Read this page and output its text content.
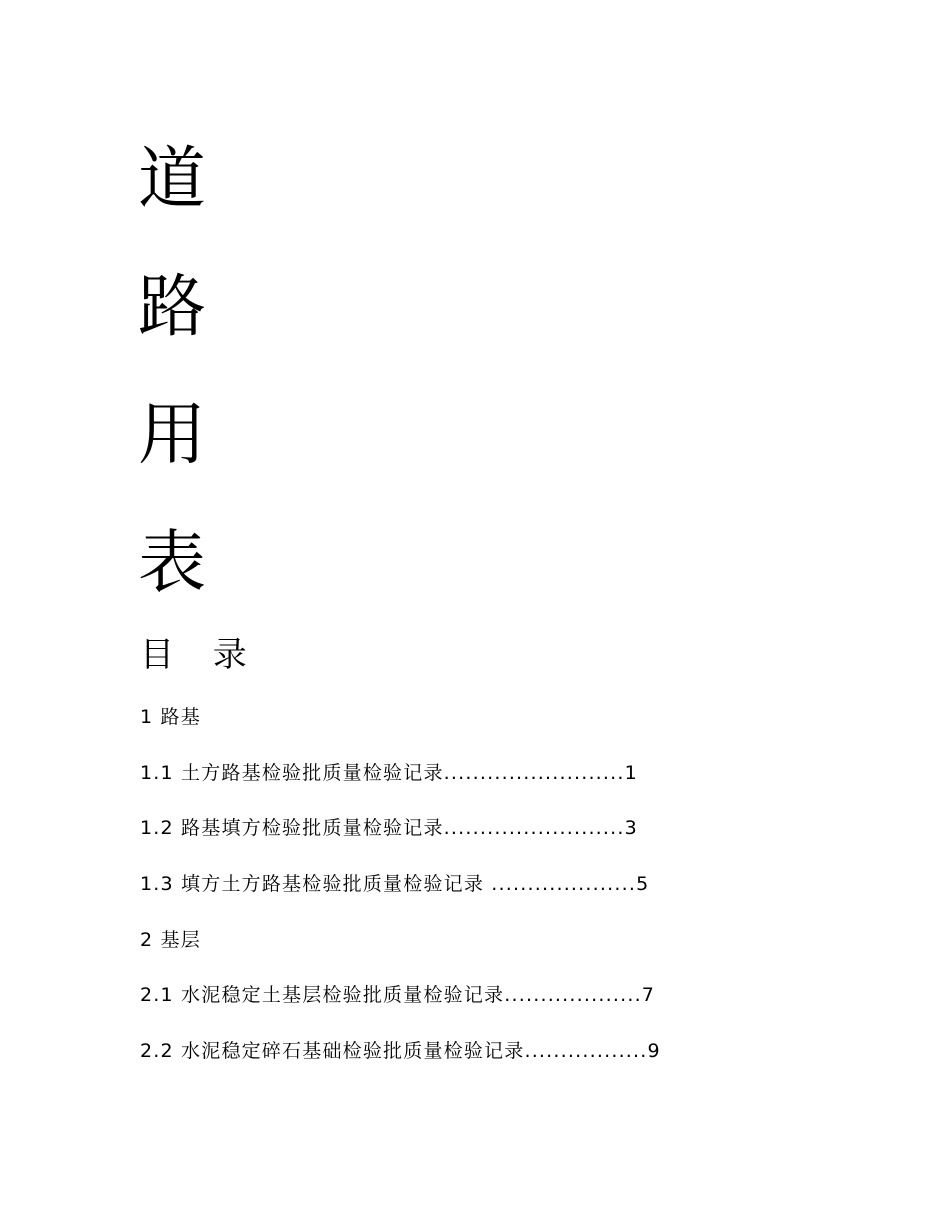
道
路
用
表
目 录
1 路基
1.1 土方路基检验批质量检验记录.........................1
1.2 路基填方检验批质量检验记录.........................3
1.3 填方土方路基检验批质量检验记录 ....................5
2 基层
2.1 水泥稳定土基层检验批质量检验记录...................7
2.2 水泥稳定碎石基础检验批质量检验记录.................9
